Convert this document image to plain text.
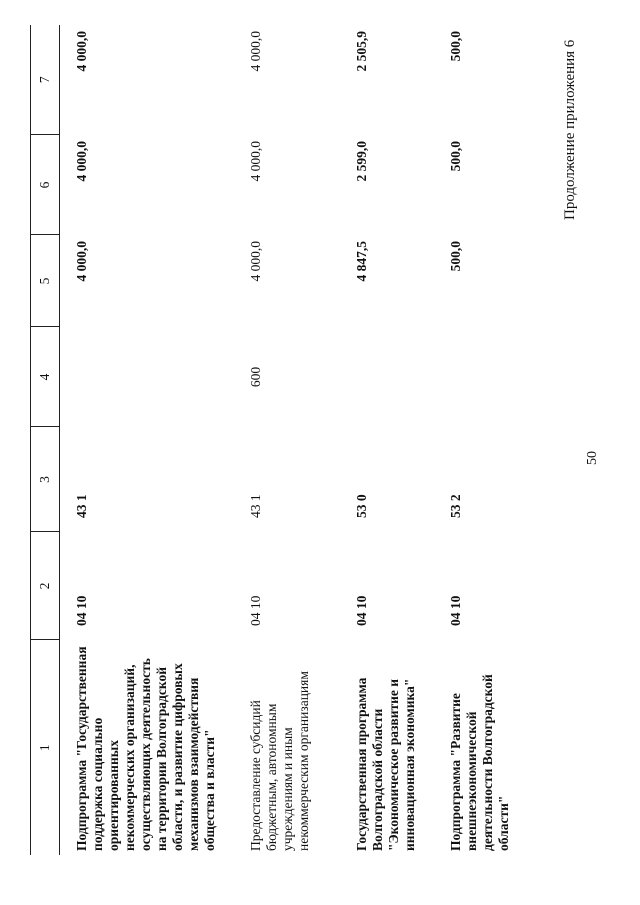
50
Продолжение приложения 6
1	2	3	4	5	6	7
Подпрограмма "Государственная поддержка социально ориентированных некоммерческих организаций, осуществляющих деятельность на территории Волгоградской области, и развитие цифровых механизмов взаимодействия общества и власти"	04 10	43 1		4 000,0	4 000,0	4 000,0
Предоставление субсидий бюджетным, автономным учреждениям и иным некоммерческим организациям	04 10	43 1	600	4 000,0	4 000,0	4 000,0
Государственная программа Волгоградской области "Экономическое развитие и инновационная экономика"	04 10	53 0		4 847,5	2 599,0	2 505,9
Подпрограмма "Развитие внешнеэкономической деятельности Волгоградской области"	04 10	53 2		500,0	500,0	500,0
